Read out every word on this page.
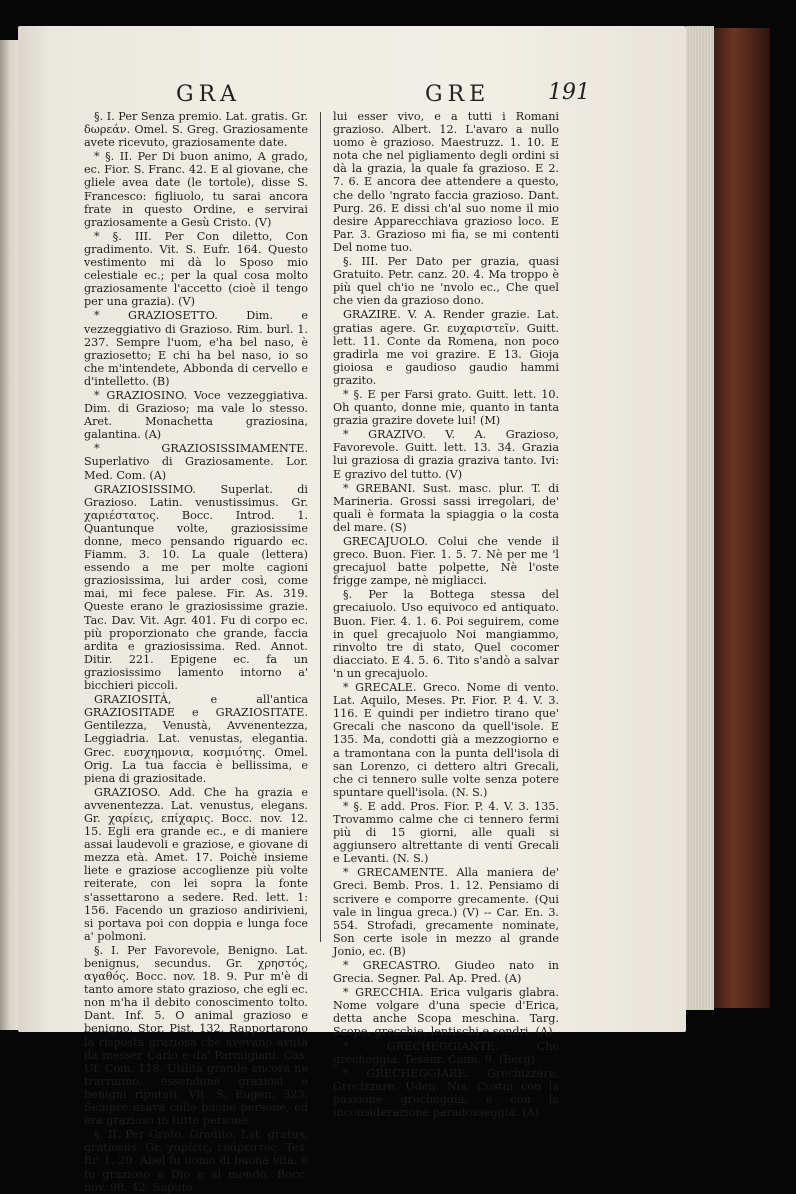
GRA	GRE	191

§. I. Per Senza premio. Lat. gratis. Gr. δωρεάν. Omel. S. Greg. Graziosamente avete ricevuto, graziosamente date.

* §. II. Per Di buon animo, A grado, ec. Fior. S. Franc. 42. E al giovane, che gliele avea date (le tortole), disse S. Francesco: figliuolo, tu sarai ancora frate in questo Ordine, e servirai graziosamente a Gesù Cristo. (V)

* §. III. Per Con diletto, Con gradimento. Vit. S. Eufr. 164. Questo vestimento mi dà lo Sposo mio celestiale ec.; per la qual cosa molto graziosamente l'accetto (cioè il tengo per una grazia). (V)

* GRAZIOSETTO. Dim. e vezzeggiativo di Grazioso. Rim. burl. 1. 237. Sempre l'uom, e'ha bel naso, è graziosetto; E chi ha bel naso, io so che m'intendete, Abbonda di cervello e d'intelletto. (B)

* GRAZIOSINO. Voce vezzeggiativa. Dim. di Grazioso; ma vale lo stesso. Aret. Monachetta graziosina, galantina. (A)

* GRAZIOSISSIMAMENTE. Superlativo di Graziosamente. Lor. Med. Com. (A)

GRAZIOSISSIMO. Superlat. di Grazioso. Latin. venustissimus. Gr. χαριέστατος. Bocc. Introd. 1. Quantunque volte, graziosissime donne, meco pensando riguardo ec. Fiamm. 3. 10. La quale (lettera) essendo a me per molte cagioni graziosissima, lui arder così, come mai, mi fece palese. Fir. As. 319. Queste erano le graziosissime grazie. Tac. Dav. Vit. Agr. 401. Fu di corpo ec. più proporzionato che grande, faccia ardita e graziosissima. Red. Annot. Ditir. 221. Epigene ec. fa un graziosissimo lamento intorno a' bicchieri piccoli.

GRAZIOSITÀ, e all'antica GRAZIOSITADE e GRAZIOSITATE. Gentilezza, Venustà, Avvenentezza, Leggiadria. Lat. venustas, elegantia. Grec. ευσχημονια, κοσμιότης. Omel. Orig. La tua faccia è bellissima, e piena di graziositade.

GRAZIOSO. Add. Che ha grazia e avvenentezza. Lat. venustus, elegans. Gr. χαρίεις, επίχαρις. Bocc. nov. 12. 15. Egli era grande ec., e di maniere assai laudevoli e graziose, e giovane di mezza età. Amet. 17. Poichè insieme liete e graziose accoglienze più volte reiterate, con lei sopra la fonte s'assettarono a sedere. Red. lett. 1: 156. Facendo un grazioso andirivieni, si portava poi con doppia e lunga foce a' polmoni.

§. I. Per Favorevole, Benigno. Lat. benignus, secundus. Gr. χρηστός, αγαθός. Bocc. nov. 18. 9. Pur m'è di tanto amore stato grazioso, che egli ec. non m'ha il debito conoscimento tolto. Dant. Inf. 5. O animal grazioso e benigno. Stor. Pist. 132. Rapportarono la risposta graziosa che avevano avuta da messer Carlo e da' Parmigiani. Cas. Uf. Com. 118. Utilità grande ancora ne trarranno, essendone graziosi e benigni riputati. Vit. S. Eugen. 323. Sempre usava colle buone persone, ed era grazioso in tutte persone.

§. II. Per Grato, Gradito. Lat. gratus, gratiosus. Gr. χαρίεις, ευάρεστος. Tes. Br. 1. 20. Abel fu uomo di buona vita, e fu grazioso a Dio e al mondo. Bocc. nov. 98. 42. Saputo

lui esser vivo, e a tutti i Romani grazioso. Albert. 12. L'avaro a nullo uomo è grazioso. Maestruzz. 1. 10. E nota che nel pigliamento degli ordini si dà la grazia, la quale fa grazioso. E 2. 7. 6. E ancora dee attendere a questo, che dello 'ngrato faccia grazioso. Dant. Purg. 26. E dissi ch'al suo nome il mio desire Apparecchiava grazioso loco. E Par. 3. Grazioso mi fia, se mi contenti Del nome tuo.

§. III. Per Dato per grazia, quasi Gratuito. Petr. canz. 20. 4. Ma troppo è più quel ch'io ne 'nvolo ec., Che quel che vien da grazioso dono.

GRAZIRE. V. A. Render grazie. Lat. gratias agere. Gr. ευχαριστεῖν. Guitt. lett. 11. Conte da Romena, non poco gradirla me voi grazire. E 13. Gioja gioiosa e gaudioso gaudio hammi grazito.

* §. E per Farsi grato. Guitt. lett. 10. Oh quanto, donne mie, quanto in tanta grazia grazire dovete lui! (M)

* GRAZIVO. V. A. Grazioso, Favorevole. Guitt. lett. 13. 34. Grazia lui graziosa di grazia graziva tanto. Ivi: E grazivo del tutto. (V)

* GREBANI. Sust. masc. plur. T. di Marineria. Grossi sassi irregolari, de' quali è formata la spiaggia o la costa del mare. (S)

GRECAJUOLO. Colui che vende il greco. Buon. Fier. 1. 5. 7. Nè per me 'l grecajuol batte polpette, Nè l'oste frigge zampe, nè migliacci.

§. Per la Bottega stessa del grecaiuolo. Uso equivoco ed antiquato. Buon. Fier. 4. 1. 6. Poi seguirem, come in quel grecajuolo Noi mangiammo, rinvolto tre di stato, Quel cocomer diacciato. E 4. 5. 6. Tito s'andò a salvar 'n un grecajuolo.

* GRECALE. Greco. Nome di vento. Lat. Aquilo, Meses. Pr. Fior. P. 4. V. 3. 116. E quindi per indietro tirano que' Grecali che nascono da quell'isole. E 135. Ma, condotti già a mezzogiorno e a tramontana con la punta dell'isola di san Lorenzo, ci dettero altri Grecali, che ci tennero sulle volte senza potere spuntare quell'isola. (N. S.)

* §. E add. Pros. Fior. P. 4. V. 3. 135. Trovammo calme che ci tennero fermi più di 15 giorni, alle quali si aggiunsero altrettante di venti Grecali e Levanti. (N. S.)

* GRECAMENTE. Alla maniera de' Greci. Bemb. Pros. 1. 12. Pensiamo di scrivere e comporre grecamente. (Qui vale in lingua greca.) (V) -- Car. En. 3. 554. Strofadi, grecamente nominate, Son certe isole in mezzo al grande Jonio, ec. (B)

* GRECASTRO. Giudeo nato in Grecia. Segner. Pal. Ap. Pred. (A)

* GRECCHIA. Erica vulgaris glabra. Nome volgare d'una specie d'Erica, detta anche Scopa meschina. Targ. Scope, grecchie, lentischi e sondri. (A)

* GRECHEGGIANTE. Che grecheggia. Tesaur. Cann. 9. (Berg)

* GRECHEGGIARE. Grechizzare, Grecizzare. Uden. Nis. Costui con la passione grecheggia, e con la inconsiderazione paradosseggia. (A)
